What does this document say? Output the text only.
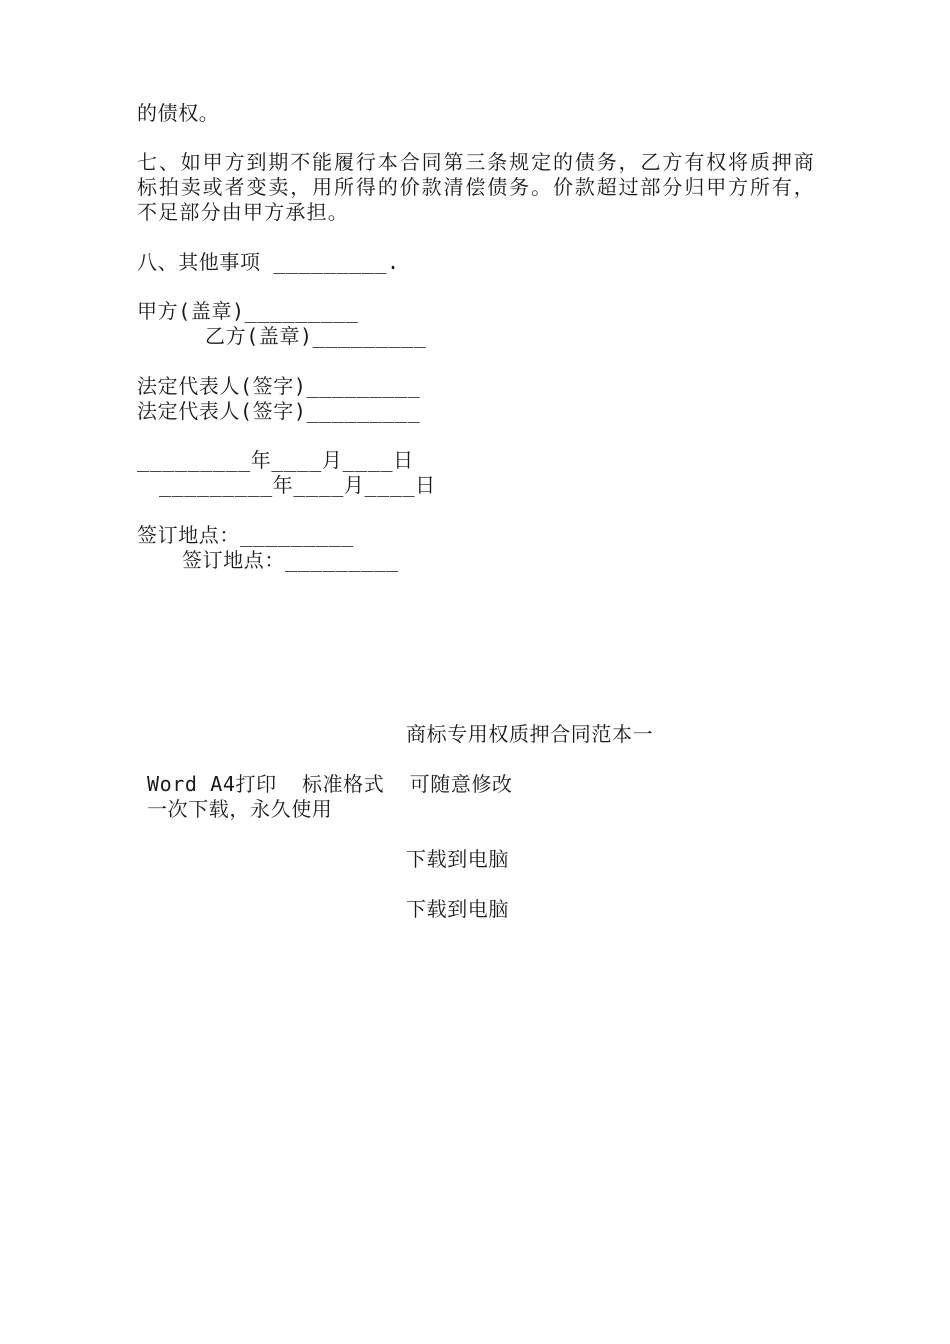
的债权。
七、如甲方到期不能履行本合同第三条规定的债务，乙方有权将质押商标拍卖或者变卖，用所得的价款清偿债务。价款超过部分归甲方所有，不足部分由甲方承担。
八、其他事项 _________.
甲方(盖章)_________
乙方(盖章)_________
法定代表人(签字)_________
法定代表人(签字)_________
_________年____月____日
_________年____月____日
签订地点：_________
签订地点：_________
商标专用权质押合同范本一
Word A4打印  标准格式  可随意修改
一次下载，永久使用
下载到电脑
下载到电脑
